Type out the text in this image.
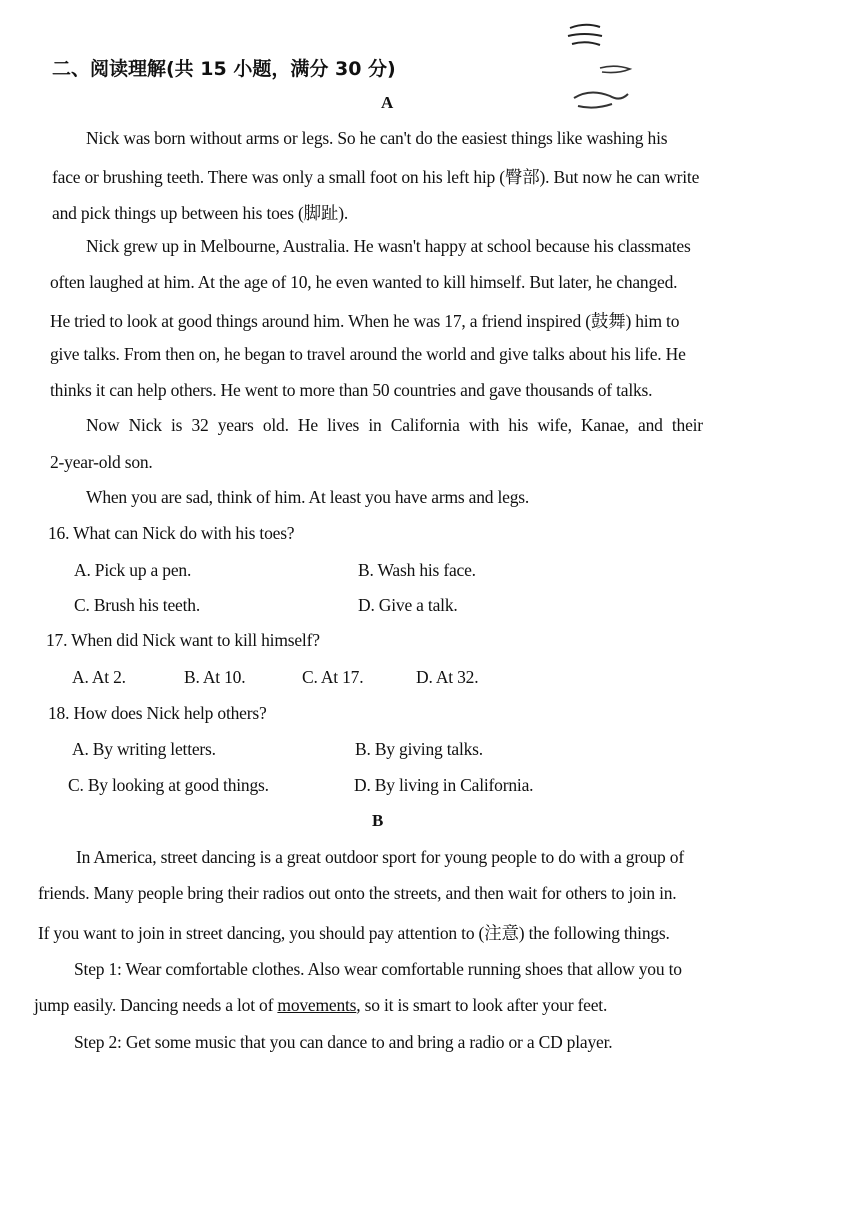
二、阅读理解(共 15 小题，满分 30 分)
A
Nick was born without arms or legs. So he can't do the easiest things like washing his
face or brushing teeth. There was only a small foot on his left hip (臀部). But now he can write
and pick things up between his toes (脚趾).
Nick grew up in Melbourne, Australia. He wasn't happy at school because his classmates
often laughed at him. At the age of 10, he even wanted to kill himself. But later, he changed.
He tried to look at good things around him. When he was 17, a friend inspired (鼓舞) him to
give talks. From then on, he began to travel around the world and give talks about his life. He
thinks it can help others. He went to more than 50 countries and gave thousands of talks.
Now Nick is 32 years old. He lives in California with his wife, Kanae, and their
2-year-old son.
When you are sad, think of him. At least you have arms and legs.
16. What can Nick do with his toes?
A. Pick up a pen.	B. Wash his face.
C. Brush his teeth.	D. Give a talk.
17. When did Nick want to kill himself?
A. At 2.	B. At 10.	C. At 17.	D. At 32.
18. How does Nick help others?
A. By writing letters.	B. By giving talks.
C. By looking at good things.	D. By living in California.
B
In America, street dancing is a great outdoor sport for young people to do with a group of
friends. Many people bring their radios out onto the streets, and then wait for others to join in.
If you want to join in street dancing, you should pay attention to (注意) the following things.
Step 1: Wear comfortable clothes. Also wear comfortable running shoes that allow you to
jump easily. Dancing needs a lot of movements, so it is smart to look after your feet.
Step 2: Get some music that you can dance to and bring a radio or a CD player.
